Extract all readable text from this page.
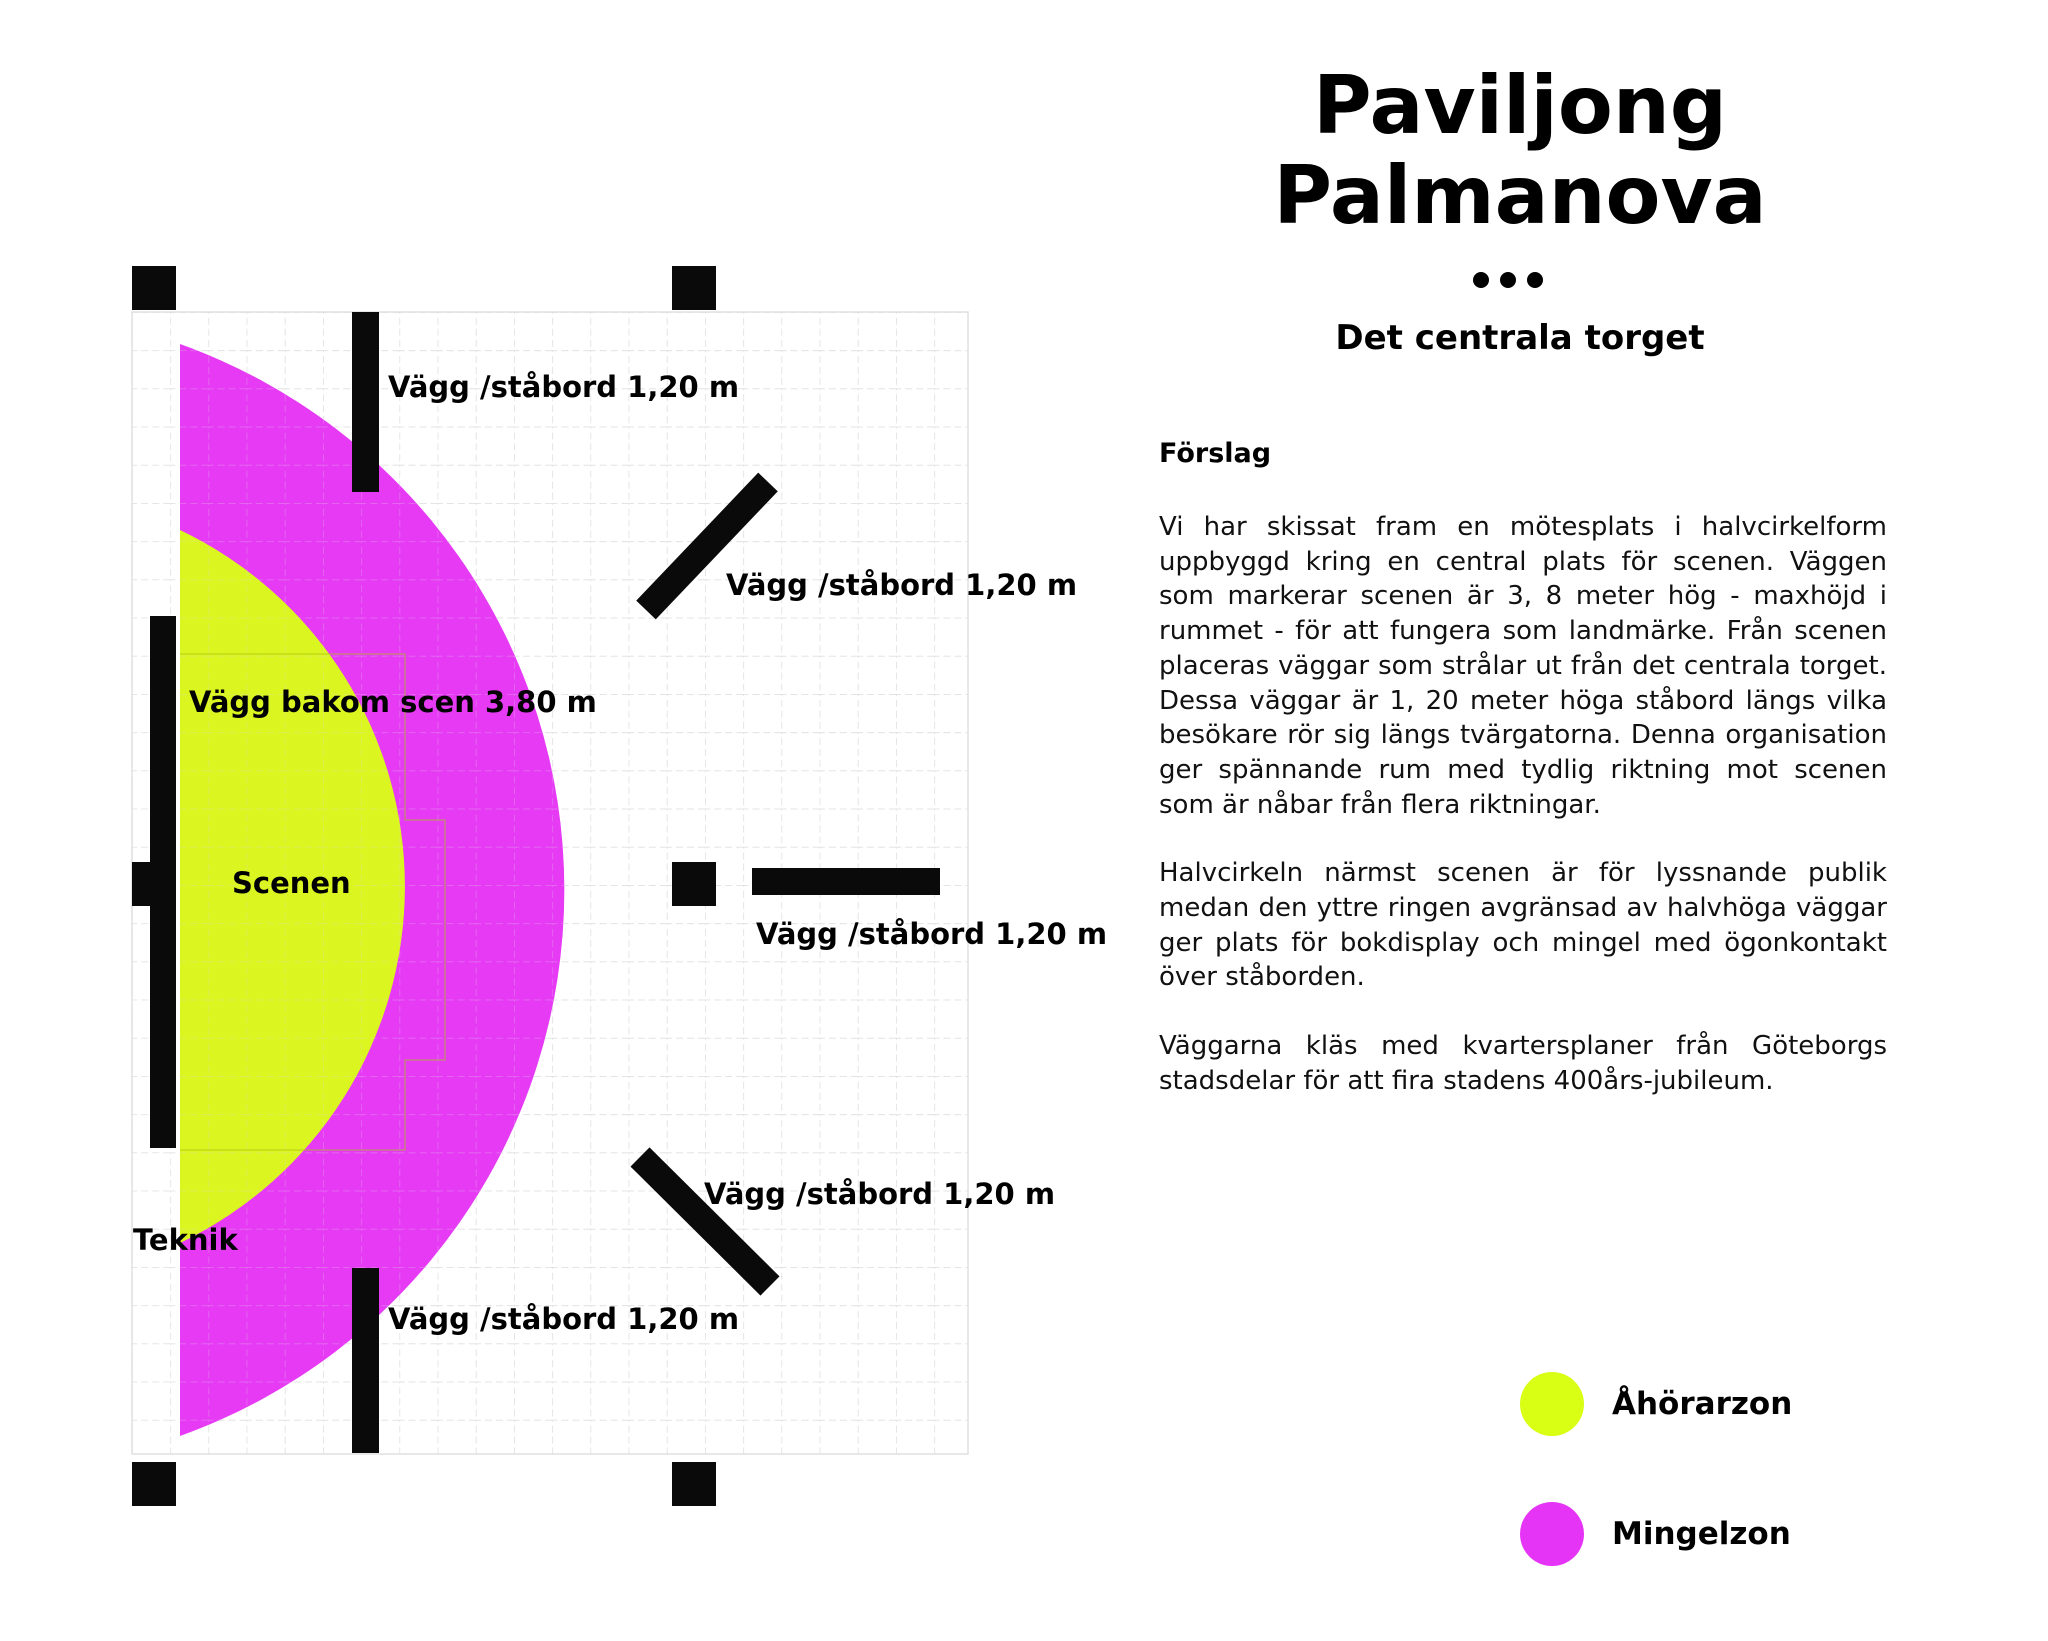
Vägg /ståbord 1,20 m
Vägg /ståbord 1,20 m
Vägg bakom scen 3,80 m
Scenen
Vägg /ståbord 1,20 m
Vägg /ståbord 1,20 m
Teknik
Vägg /ståbord 1,20 m
Paviljong
Palmanova
Det centrala torget
Förslag

Vi har skissat fram en mötesplats i halvcirkelform uppbyggd kring en central plats för scenen. Väggen som markerar scenen är 3, 8 meter hög - maxhöjd i rummet - för att fungera som landmärke. Från scenen placeras väggar som strålar ut från det centrala torget. Dessa väggar är 1, 20 meter höga ståbord längs vilka besökare rör sig längs tvärgatorna. Denna organisation ger spännande rum med tydlig riktning mot scenen som är nåbar från flera riktningar.

Halvcirkeln närmst scenen är för lyssnande publik medan den yttre ringen avgränsad av halvhöga väggar ger plats för bokdisplay och mingel med ögonkontakt över ståborden.

Väggarna kläs med kvartersplaner från Göteborgs stadsdelar för att fira stadens 400års-jubileum.

Åhörarzon
Mingelzon
